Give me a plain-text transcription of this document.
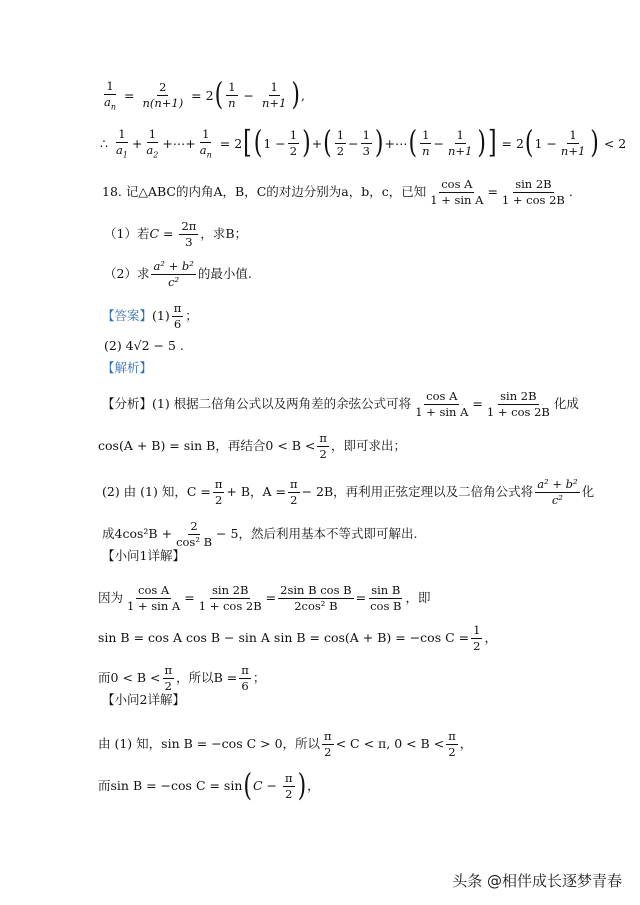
$\frac{1}{a_n} = \frac{2}{n(n+1)} = 2$ ( $\frac{1}{n} - \frac{1}{n+1}$ ) ,
∴ $\frac{1}{a_1} + \frac{1}{a_2}$ +⋯+ $\frac{1}{a_n} = 2$ [ ( $1 - \frac{1}{2}$ ) + ( $\frac{1}{2} - \frac{1}{3}$ ) +⋯ ( $\frac{1}{n} - \frac{1}{n+1}$ ) ] = 2 ( $1 - \frac{1}{n+1}$ ) < 2
18. 记△ABC的内角A，B，C的对边分别为a，b，c，已知 $\frac{\text{cos A}}{\text{1 + sin A}} = \frac{\sin 2B}{1 + \cos 2B}$ .
（1）若 $C = \frac{2\pi}{3}$ ，求B；
（2）求 $\frac{\text{a² + b²}}{\text{c²}}$ 的最小值.
【答案】 $(1) \frac{\pi}{6}$ ；
(2) 4√2 − 5 .
【解析】
【分析】(1) 根据二倍角公式以及两角差的余弦公式可将 $\frac{\text{cos A}}{\text{1 + sin A}} = \frac{\sin 2B}{1 + \cos 2B}$ 化成
cos(A + B) = sin B ，再结合 $0 < B < \frac{\pi}{2}$ ，即可求出；
(2) 由 (1) 知， $C = \frac{\pi}{2} + B$，$A = \frac{\pi}{2} - 2B$，再利用正弦定理以及二倍角公式将 $\frac{\text{a² + b²}}{\text{c²}}$ 化
成 $4\cos^2B + \frac{2}{\text{cos² B}} - 5$，然后利用基本不等式即可解出.
【小问1详解】
因为 $\frac{\text{cos A}}{\text{1 + sin A}} = \frac{\sin 2B}{1 + \cos 2B} = \frac{\text{2sin B cos B}}{\text{2cos² B}} = \frac{\text{sin B}}{\text{cos B}}$ ，即
sin B = cos A cos B − sin A sin B = cos(A + B) = −cos $C = \frac{1}{2}$ ，
而 $0 < B < \frac{\pi}{2}$ ，所以 $B = \frac{\pi}{6}$ ；
【小问2详解】
由 (1) 知，sin B = −cos C > 0，所以 $\frac{\pi}{2} < C < \pi$, $0 < B < \frac{\pi}{2}$ ，
而 sin B = −cos C = sin ( $C - \frac{\pi}{2}$ ) ，
头条 @相伴成长逐梦青春
